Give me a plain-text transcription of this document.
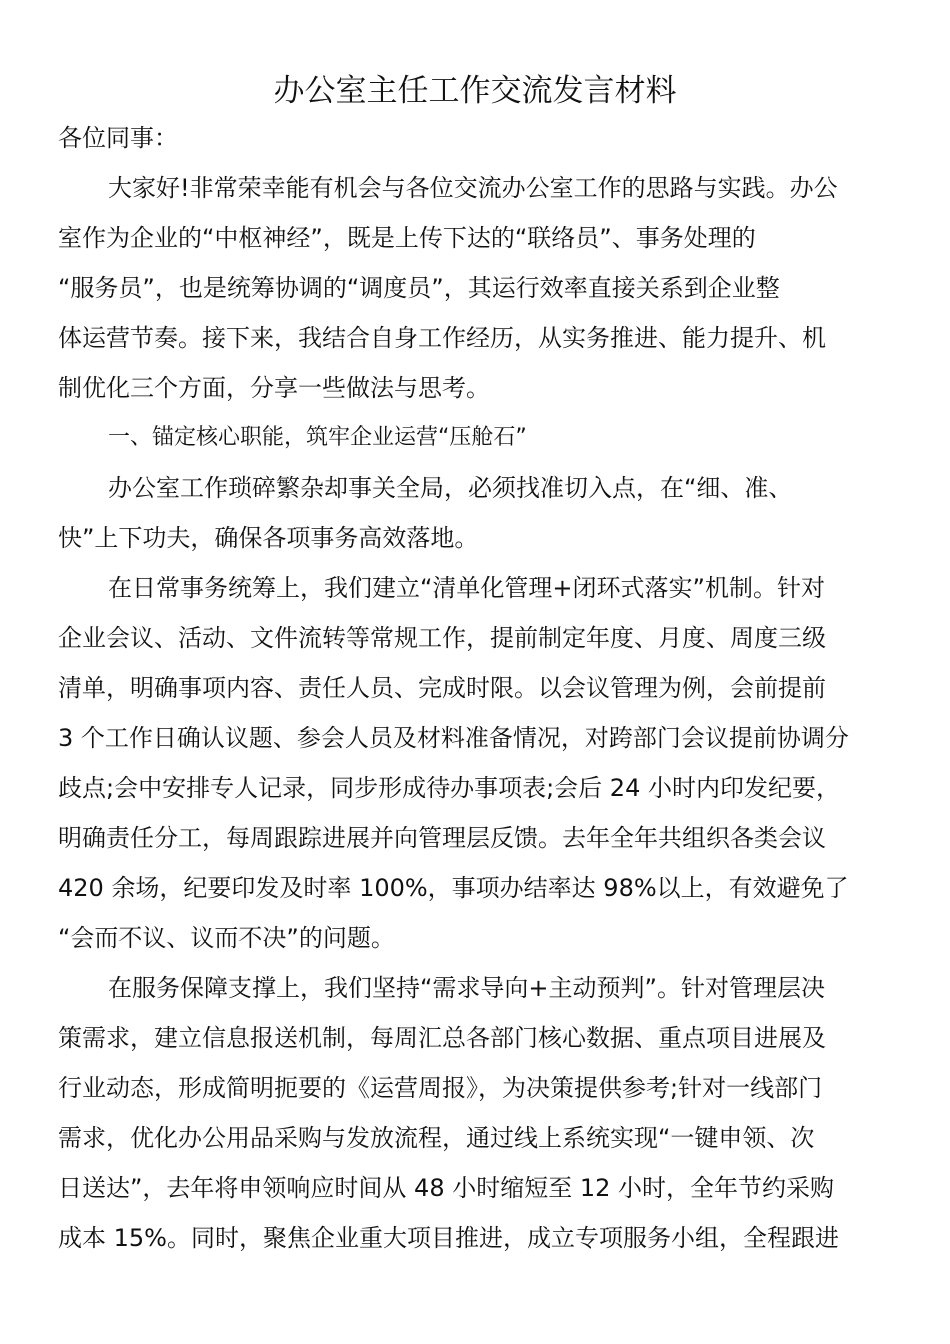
办公室主任工作交流发言材料
各位同事：
大家好!非常荣幸能有机会与各位交流办公室工作的思路与实践。办公
室作为企业的“中枢神经”，既是上传下达的“联络员”、事务处理的
“服务员”，也是统筹协调的“调度员”，其运行效率直接关系到企业整
体运营节奏。接下来，我结合自身工作经历，从实务推进、能力提升、机
制优化三个方面，分享一些做法与思考。
一、锚定核心职能，筑牢企业运营“压舱石”
办公室工作琐碎繁杂却事关全局，必须找准切入点，在“细、准、
快”上下功夫，确保各项事务高效落地。
在日常事务统筹上，我们建立“清单化管理+闭环式落实”机制。针对
企业会议、活动、文件流转等常规工作，提前制定年度、月度、周度三级
清单，明确事项内容、责任人员、完成时限。以会议管理为例，会前提前
3 个工作日确认议题、参会人员及材料准备情况，对跨部门会议提前协调分
歧点;会中安排专人记录，同步形成待办事项表;会后 24 小时内印发纪要，
明确责任分工，每周跟踪进展并向管理层反馈。去年全年共组织各类会议
420 余场，纪要印发及时率 100%，事项办结率达 98%以上，有效避免了
“会而不议、议而不决”的问题。
在服务保障支撑上，我们坚持“需求导向+主动预判”。针对管理层决
策需求，建立信息报送机制，每周汇总各部门核心数据、重点项目进展及
行业动态，形成简明扼要的《运营周报》，为决策提供参考;针对一线部门
需求，优化办公用品采购与发放流程，通过线上系统实现“一键申领、次
日送达”，去年将申领响应时间从 48 小时缩短至 12 小时，全年节约采购
成本 15%。同时，聚焦企业重大项目推进，成立专项服务小组，全程跟进
